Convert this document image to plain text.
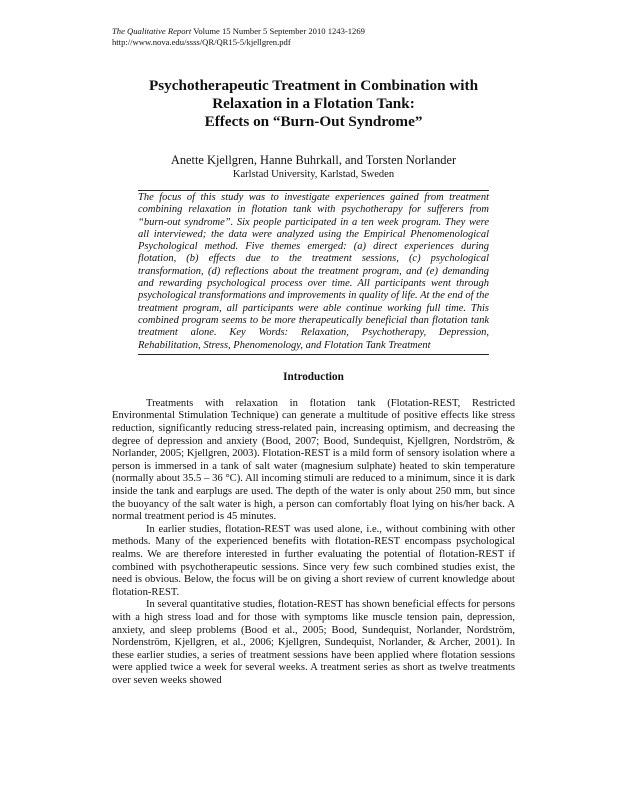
The Qualitative Report Volume 15 Number 5 September 2010 1243-1269
http://www.nova.edu/ssss/QR/QR15-5/kjellgren.pdf
Psychotherapeutic Treatment in Combination with
Relaxation in a Flotation Tank:
Effects on “Burn-Out Syndrome”
Anette Kjellgren, Hanne Buhrkall, and Torsten Norlander
Karlstad University, Karlstad, Sweden
The focus of this study was to investigate experiences gained from treatment combining relaxation in flotation tank with psychotherapy for sufferers from “burn-out syndrome”. Six people participated in a ten week program. They were all interviewed; the data were analyzed using the Empirical Phenomenological Psychological method. Five themes emerged: (a) direct experiences during flotation, (b) effects due to the treatment sessions, (c) psychological transformation, (d) reflections about the treatment program, and (e) demanding and rewarding psychological process over time. All participants went through psychological transformations and improvements in quality of life. At the end of the treatment program, all participants were able continue working full time. This combined program seems to be more therapeutically beneficial than flotation tank treatment alone. Key Words: Relaxation, Psychotherapy, Depression, Rehabilitation, Stress, Phenomenology, and Flotation Tank Treatment
Introduction

Treatments with relaxation in flotation tank (Flotation-REST, Restricted Environmental Stimulation Technique) can generate a multitude of positive effects like stress reduction, significantly reducing stress-related pain, increasing optimism, and decreasing the degree of depression and anxiety (Bood, 2007; Bood, Sundequist, Kjellgren, Nordström, & Norlander, 2005; Kjellgren, 2003). Flotation-REST is a mild form of sensory isolation where a person is immersed in a tank of salt water (magnesium sulphate) heated to skin temperature (normally about 35.5 – 36 °C). All incoming stimuli are reduced to a minimum, since it is dark inside the tank and earplugs are used. The depth of the water is only about 250 mm, but since the buoyancy of the salt water is high, a person can comfortably float lying on his/her back. A normal treatment period is 45 minutes.

In earlier studies, flotation-REST was used alone, i.e., without combining with other methods. Many of the experienced benefits with flotation-REST encompass psychological realms. We are therefore interested in further evaluating the potential of flotation-REST if combined with psychotherapeutic sessions. Since very few such combined studies exist, the need is obvious. Below, the focus will be on giving a short review of current knowledge about flotation-REST.

In several quantitative studies, flotation-REST has shown beneficial effects for persons with a high stress load and for those with symptoms like muscle tension pain, depression, anxiety, and sleep problems (Bood et al., 2005; Bood, Sundequist, Norlander, Nordström, Nordenström, Kjellgren, et al., 2006; Kjellgren, Sundequist, Norlander, & Archer, 2001). In these earlier studies, a series of treatment sessions have been applied where flotation sessions were applied twice a week for several weeks. A treatment series as short as twelve treatments over seven weeks showed
